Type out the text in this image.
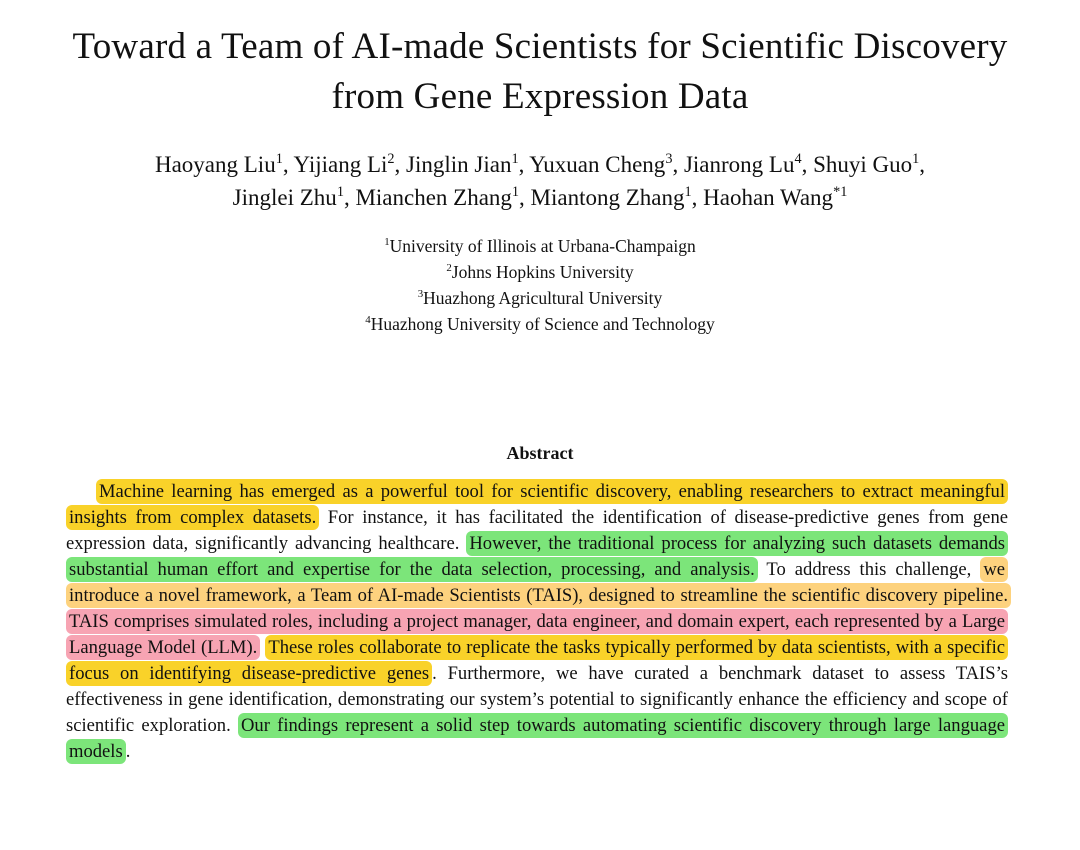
Toward a Team of AI-made Scientists for Scientific Discovery
from Gene Expression Data
Haoyang Liu$^1$, Yijiang Li$^2$, Jinglin Jian$^1$, Yuxuan Cheng$^3$, Jianrong Lu$^4$, Shuyi Guo$^1$,
Jinglei Zhu$^1$, Mianchen Zhang$^1$, Miantong Zhang$^1$, Haohan Wang$^{*1}$
$^1$University of Illinois at Urbana-Champaign
$^2$Johns Hopkins University
$^3$Huazhong Agricultural University
$^4$Huazhong University of Science and Technology
Abstract

Machine learning has emerged as a powerful tool for scientific discovery, enabling researchers to extract meaningful insights from complex datasets. For instance, it has facilitated the identification of disease-predictive genes from gene expression data, significantly advancing healthcare. However, the traditional process for analyzing such datasets demands substantial human effort and expertise for the data selection, processing, and analysis. To address this challenge, we introduce a novel framework, a Team of AI-made Scientists (TAIS), designed to streamline the scientific discovery pipeline. TAIS comprises simulated roles, including a project manager, data engineer, and domain expert, each represented by a Large Language Model (LLM). These roles collaborate to replicate the tasks typically performed by data scientists, with a specific focus on identifying disease-predictive genes . Furthermore, we have curated a benchmark dataset to assess TAIS’s effectiveness in gene identification, demonstrating our system’s potential to significantly enhance the efficiency and scope of scientific exploration. Our findings represent a solid step towards automating scientific discovery through large language models .
